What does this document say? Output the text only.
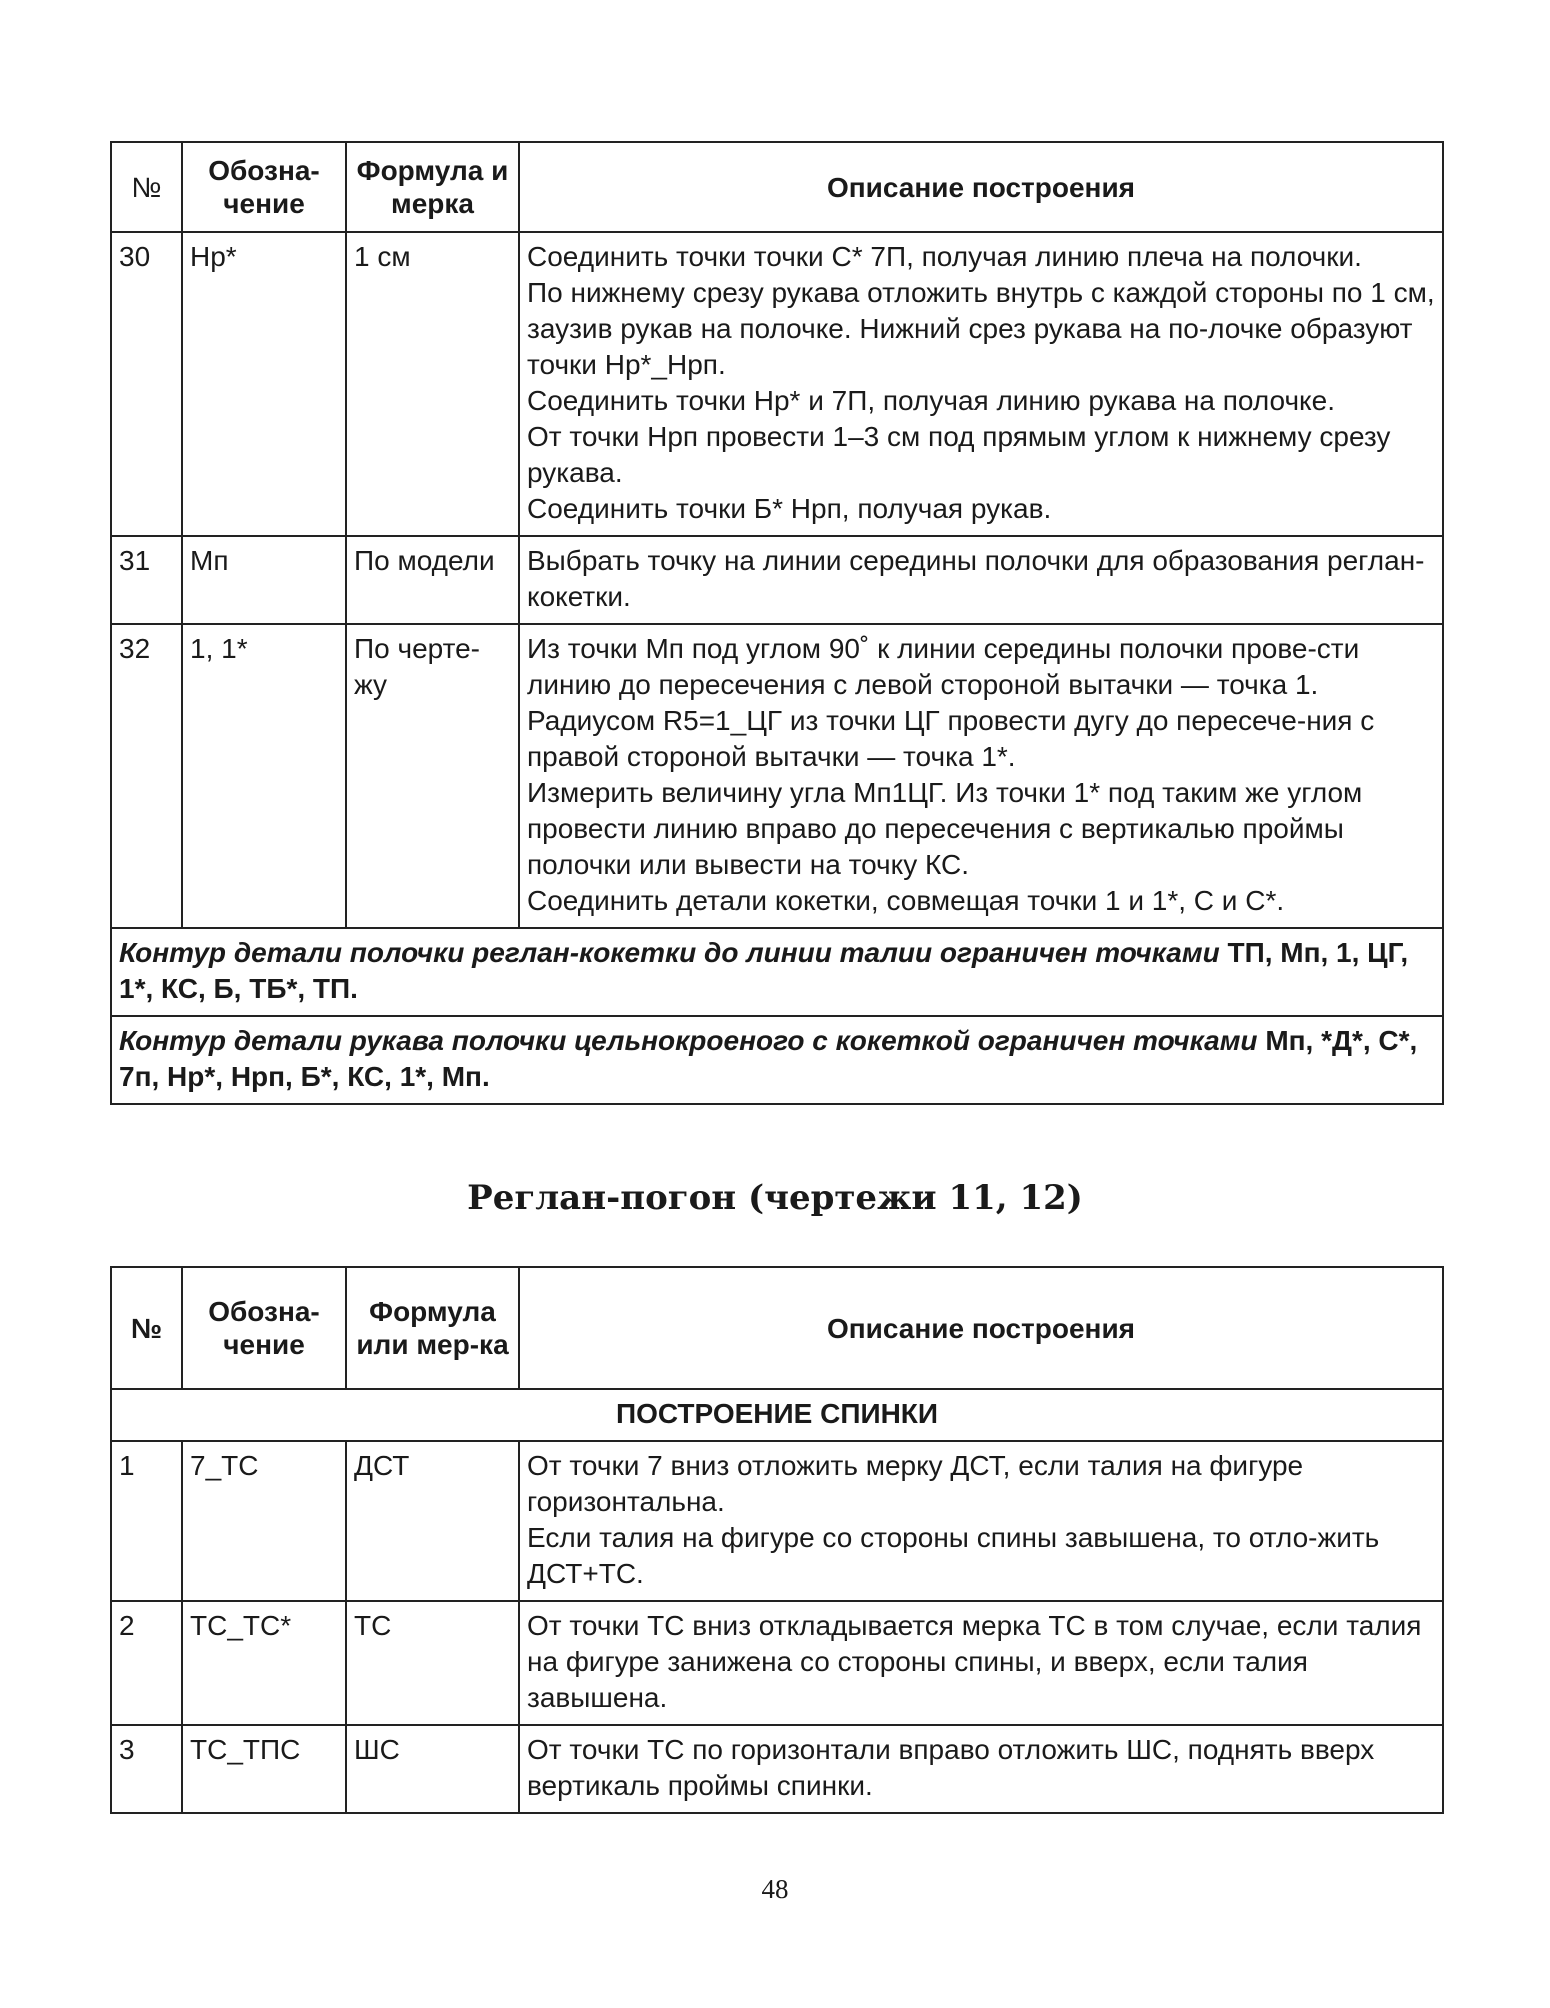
№	Обозна-чение	Формула и мерка	Описание построения
30	Нр*	1 см	Соединить точки точки С* 7П, получая линию плеча на полочки.
По нижнему срезу рукава отложить внутрь с каждой стороны по 1 см, заузив рукав на полочке. Нижний срез рукава на по-лочке образуют точки Нр*_Нрп.
Соединить точки Нр* и 7П, получая линию рукава на полочке.
От точки Нрп провести 1–3 см под прямым углом к нижнему срезу рукава.
Соединить точки Б* Нрп, получая рукав.

31	Мп	По модели	Выбрать точку на линии середины полочки для образования реглан-кокетки.

32	1, 1*	По черте-жу	Из точки Мп под углом 90˚ к линии середины полочки прове-сти линию до пересечения с левой стороной вытачки — точка 1. Радиусом R5=1_ЦГ из точки ЦГ провести дугу до пересече-ния с правой стороной вытачки — точка 1*.
Измерить величину угла Мп1ЦГ. Из точки 1* под таким же углом провести линию вправо до пересечения с вертикалью проймы полочки или вывести на точку КС.
Соединить детали кокетки, совмещая точки 1 и 1*, С и С*.

Контур детали полочки реглан-кокетки до линии талии ограничен точками ТП, Мп, 1, ЦГ, 1*, КС, Б, ТБ*, ТП.			
Контур детали рукава полочки цельнокроеного с кокеткой ограничен точками Мп, *Д*, С*, 7п, Нр*, Нрп, Б*, КС, 1*, Мп.			
Реглан-погон (чертежи 11, 12)
№	Обозна-чение	Формула или мер-ка	Описание построения
ПОСТРОЕНИЕ СПИНКИ			
1	7_ТС	ДСТ	От точки 7 вниз отложить мерку ДСТ, если талия на фигуре горизонтальна.
Если талия на фигуре со стороны спины завышена, то отло-жить ДСТ+ТС.

2	ТС_ТС*	ТС	От точки ТС вниз откладывается мерка ТС в том случае, если талия на фигуре занижена со стороны спины, и вверх, если талия завышена.

3	ТС_ТПС	ШС	От точки ТС по горизонтали вправо отложить ШС, поднять вверх вертикаль проймы спинки.
48
